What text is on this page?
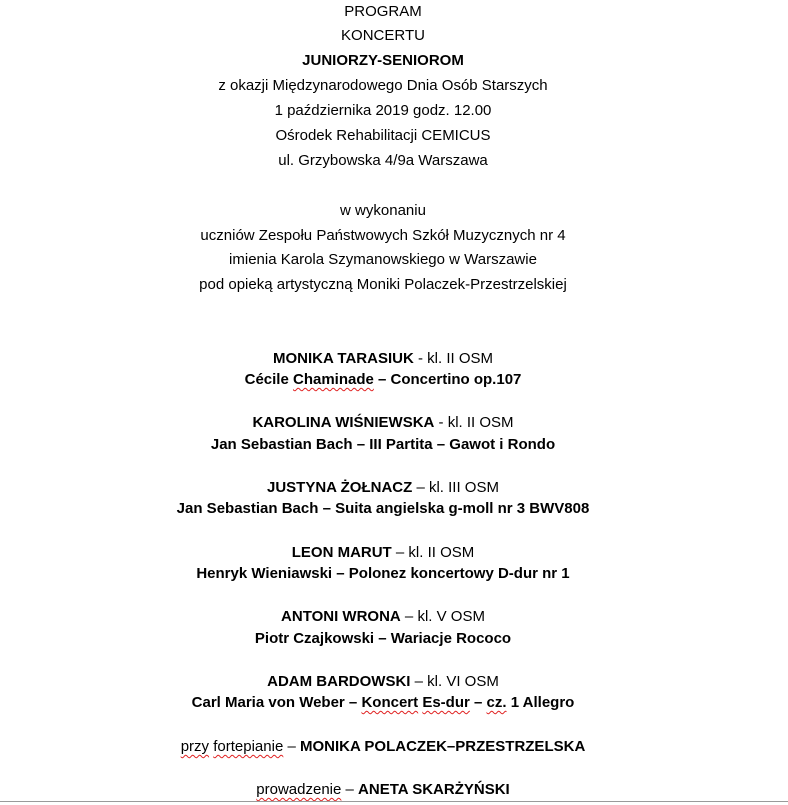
PROGRAM
KONCERTU
JUNIORZY-SENIOROM
z okazji Międzynarodowego Dnia Osób Starszych
1 października 2019 godz. 12.00
Ośrodek Rehabilitacji CEMICUS
ul. Grzybowska 4/9a Warszawa
w wykonaniu
uczniów Zespołu Państwowych Szkół Muzycznych nr 4
imienia Karola Szymanowskiego w Warszawie
pod opieką artystyczną Moniki Polaczek-Przestrzelskiej
MONIKA TARASIUK - kl. II OSM
Cécile Chaminade – Concertino op.107
KAROLINA WIŚNIEWSKA - kl. II OSM
Jan Sebastian Bach – III Partita – Gawot i Rondo
JUSTYNA ŻOŁNACZ – kl. III OSM
Jan Sebastian Bach – Suita angielska g-moll nr 3 BWV808
LEON MARUT – kl. II OSM
Henryk Wieniawski – Polonez koncertowy D-dur nr 1
ANTONI WRONA – kl. V OSM
Piotr Czajkowski – Wariacje Rococo
ADAM BARDOWSKI – kl. VI OSM
Carl Maria von Weber – Koncert Es-dur – cz. 1 Allegro
przy fortepianie – MONIKA POLACZEK–PRZESTRZELSKA
prowadzenie – ANETA SKARŻYŃSKI
